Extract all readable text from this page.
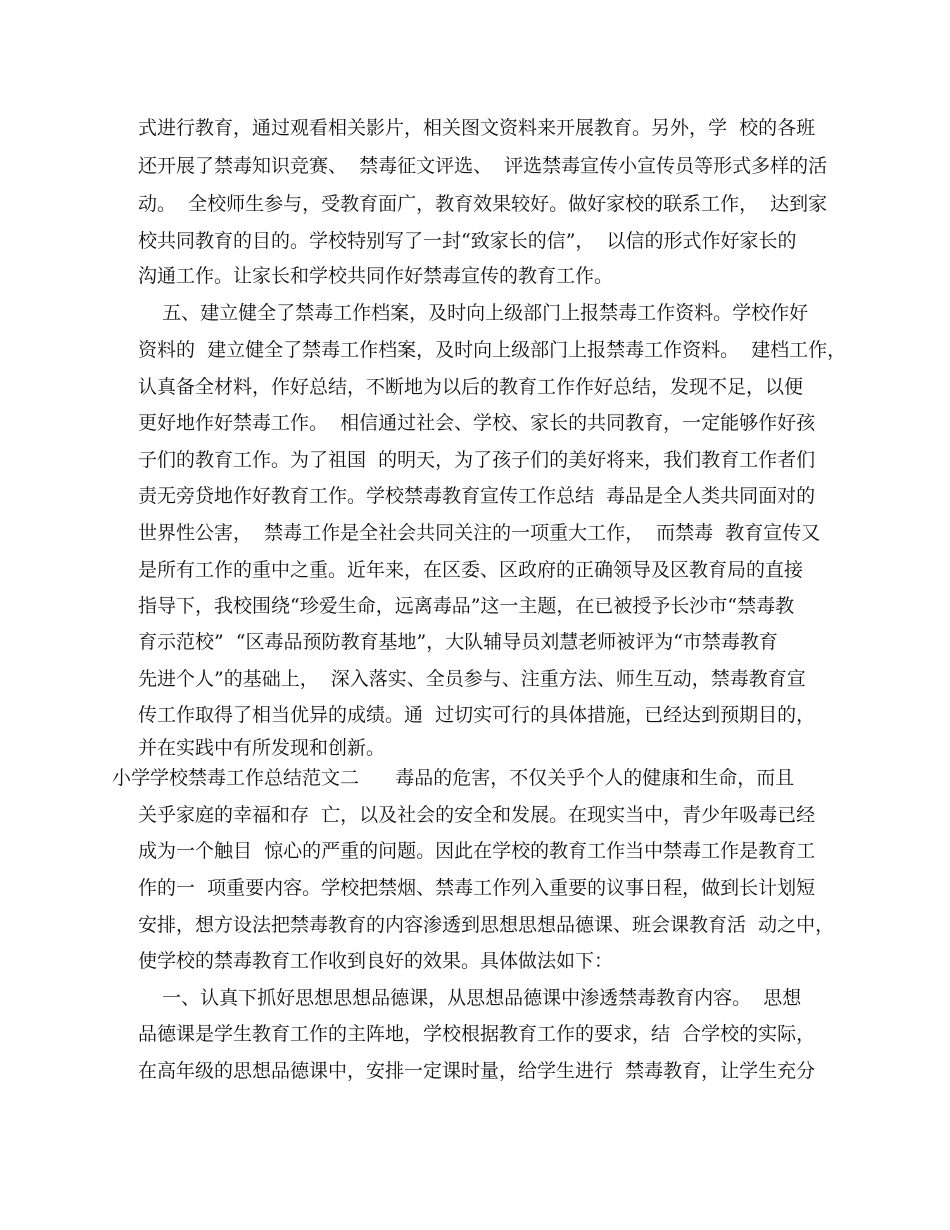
式进行教育，通过观看相关影片，相关图文资料来开展教育。另外，学  校的各班

还开展了禁毒知识竞赛、  禁毒征文评选、  评选禁毒宣传小宣传员等形式多样的活

动。  全校师生参与，受教育面广，教育效果较好。做好家校的联系工作，  达到家

校共同教育的目的。学校特别写了一封“致家长的信”，  以信的形式作好家长的

沟通工作。让家长和学校共同作好禁毒宣传的教育工作。

五、建立健全了禁毒工作档案，及时向上级部门上报禁毒工作资料。学校作好

资料的  建立健全了禁毒工作档案，及时向上级部门上报禁毒工作资料。  建档工作，

认真备全材料，作好总结，不断地为以后的教育工作作好总结，发现不足，以便

更好地作好禁毒工作。  相信通过社会、学校、家长的共同教育，一定能够作好孩

子们的教育工作。为了祖国  的明天，为了孩子们的美好将来，我们教育工作者们

责无旁贷地作好教育工作。学校禁毒教育宣传工作总结  毒品是全人类共同面对的

世界性公害，  禁毒工作是全社会共同关注的一项重大工作，  而禁毒  教育宣传又

是所有工作的重中之重。近年来，在区委、区政府的正确领导及区教育局的直接

指导下，我校围绕“珍爱生命，远离毒品”这一主题，在已被授予长沙市“禁毒教

育示范校”  “区毒品预防教育基地”，大队辅导员刘慧老师被评为“市禁毒教育

先进个人”的基础上，  深入落实、全员参与、注重方法、师生互动，禁毒教育宣

传工作取得了相当优异的成绩。通  过切实可行的具体措施，已经达到预期目的，

并在实践中有所发现和创新。

小学学校禁毒工作总结范文二      毒品的危害，不仅关乎个人的健康和生命，而且

关乎家庭的幸福和存  亡，以及社会的安全和发展。在现实当中，青少年吸毒已经

成为一个触目  惊心的严重的问题。因此在学校的教育工作当中禁毒工作是教育工

作的一  项重要内容。学校把禁烟、禁毒工作列入重要的议事日程，做到长计划短

安排，想方设法把禁毒教育的内容渗透到思想思想品德课、班会课教育活  动之中，

使学校的禁毒教育工作收到良好的效果。具体做法如下：

一、认真下抓好思想思想品德课，从思想品德课中渗透禁毒教育内容。  思想

品德课是学生教育工作的主阵地，学校根据教育工作的要求，结  合学校的实际，

在高年级的思想品德课中，安排一定课时量，给学生进行  禁毒教育，让学生充分
